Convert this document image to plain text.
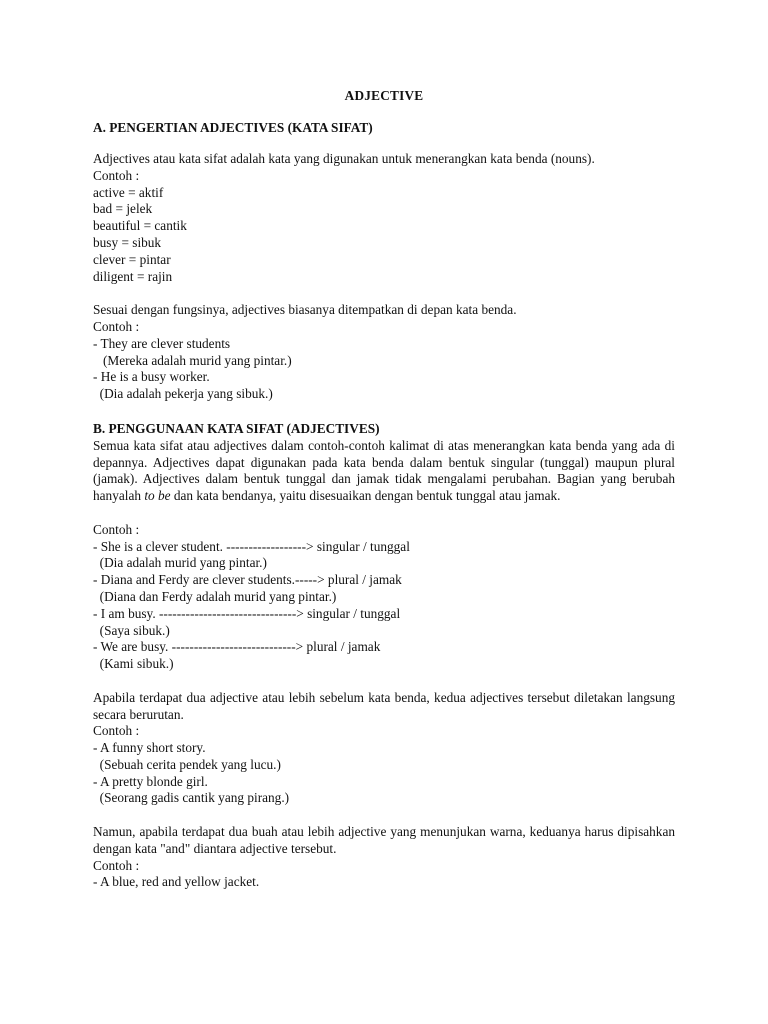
ADJECTIVE

A. PENGERTIAN ADJECTIVES (KATA SIFAT)

Adjectives atau kata sifat adalah kata yang digunakan untuk menerangkan kata benda (nouns).

Contoh :

active = aktif

bad = jelek

beautiful = cantik

busy = sibuk

clever = pintar

diligent = rajin

Sesuai dengan fungsinya, adjectives biasanya ditempatkan di depan kata benda.

Contoh :

- They are clever students

(Mereka adalah murid yang pintar.)

- He is a busy worker.

(Dia adalah pekerja yang sibuk.)

B. PENGGUNAAN KATA SIFAT (ADJECTIVES)

Semua kata sifat atau adjectives dalam contoh-contoh kalimat di atas menerangkan kata benda yang ada di depannya. Adjectives dapat digunakan pada kata benda dalam bentuk singular (tunggal) maupun plural (jamak). Adjectives dalam bentuk tunggal dan jamak tidak mengalami perubahan. Bagian yang berubah hanyalah to be dan kata bendanya, yaitu disesuaikan dengan bentuk tunggal atau jamak.

Contoh :

- She is a clever student. ------------------> singular / tunggal

(Dia adalah murid yang pintar.)

- Diana and Ferdy are clever students.-----> plural / jamak

(Diana dan Ferdy adalah murid yang pintar.)

- I am busy. -------------------------------> singular / tunggal

(Saya sibuk.)

- We are busy. ----------------------------> plural / jamak

(Kami sibuk.)

Apabila terdapat dua adjective atau lebih sebelum kata benda, kedua adjectives tersebut diletakan langsung secara berurutan.

Contoh :

- A funny short story.

(Sebuah cerita pendek yang lucu.)

- A pretty blonde girl.

(Seorang gadis cantik yang pirang.)

Namun, apabila terdapat dua buah atau lebih adjective yang menunjukan warna, keduanya harus dipisahkan dengan kata "and" diantara adjective tersebut.

Contoh :

- A blue, red and yellow jacket.
